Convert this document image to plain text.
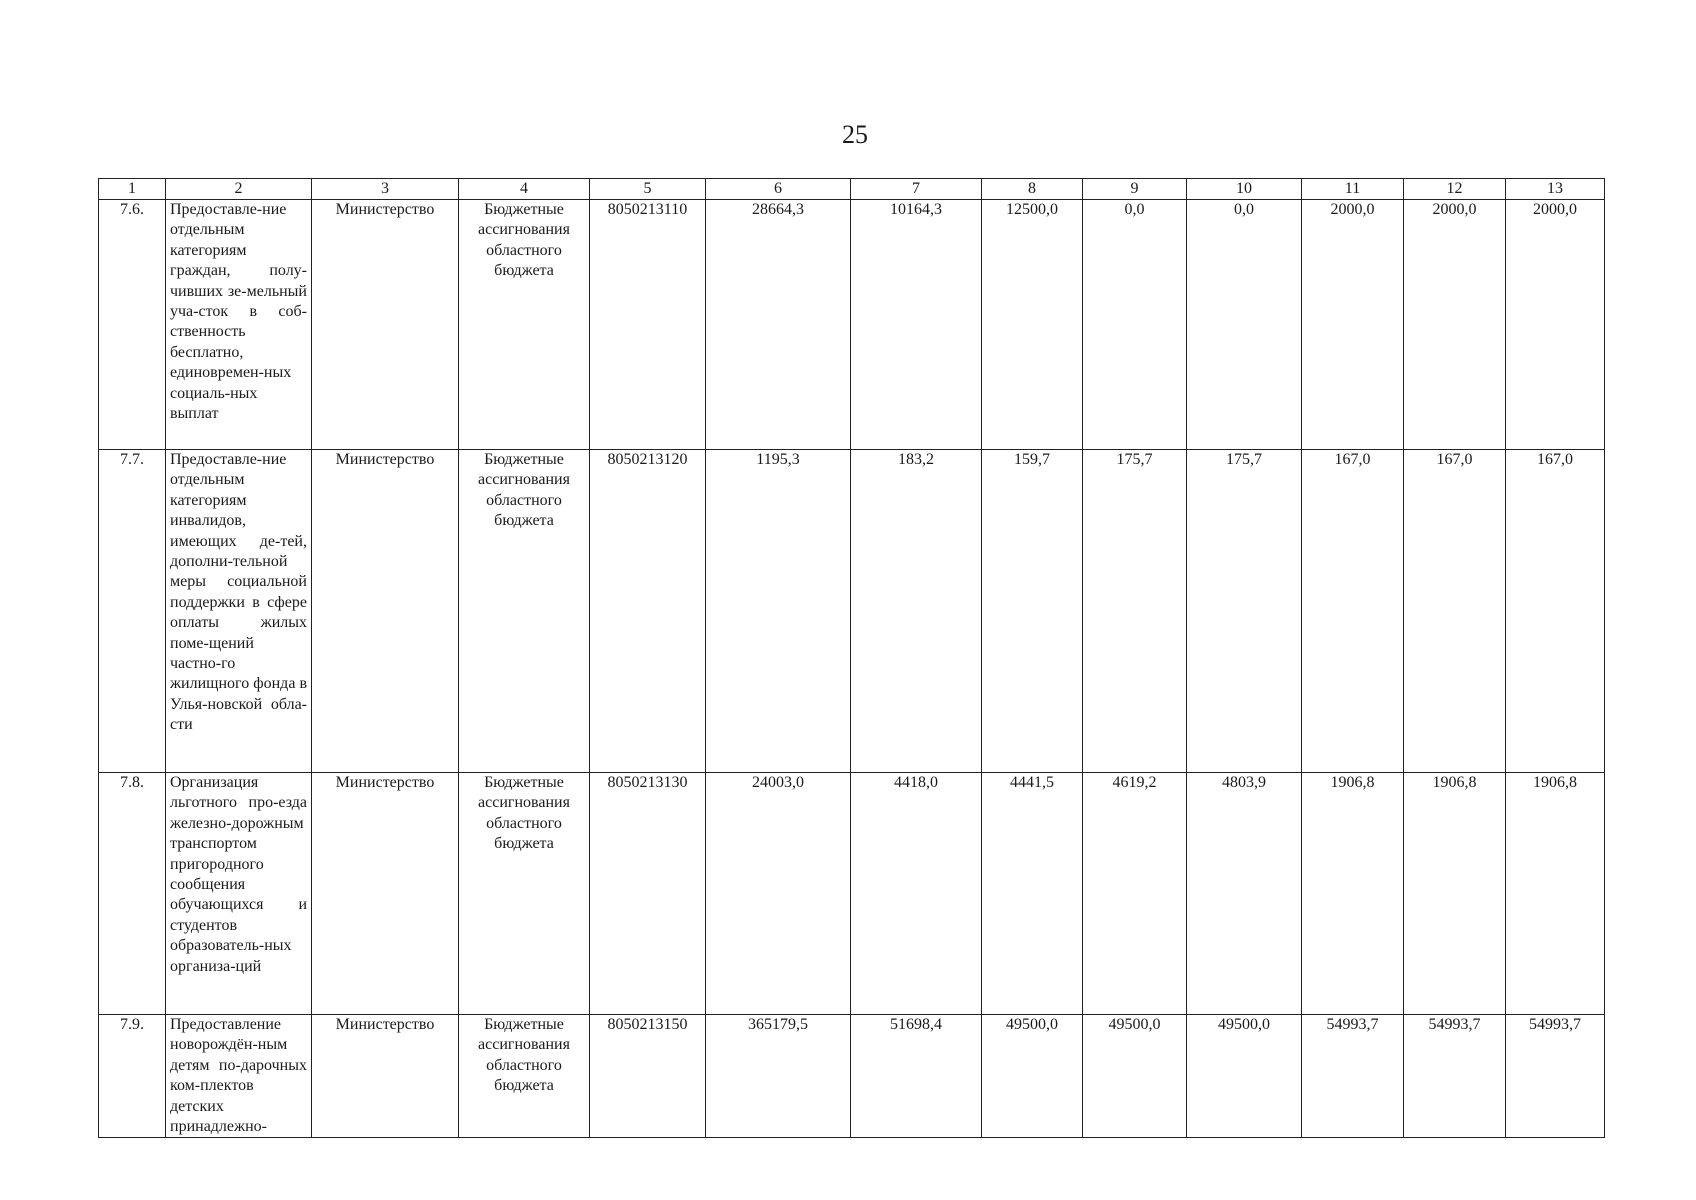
25
1	2	3	4	5	6	7	8	9	10	11	12	13
7.6.	Предоставле-ние отдельным категориям граждан, полу-чивших зе-мельный уча-сток в соб-ственность бесплатно, единовремен-ных социаль-ных выплат	Министерство	Бюджетные ассигнования областного бюджета	8050213110	28664,3	10164,3	12500,0	0,0	0,0	2000,0	2000,0	2000,0
7.7.	Предоставле-ние отдельным категориям инвалидов, имеющих де-тей, дополни-тельной меры социальной поддержки в сфере оплаты жилых поме-щений частно-го жилищного фонда в Улья-новской обла-сти	Министерство	Бюджетные ассигнования областного бюджета	8050213120	1195,3	183,2	159,7	175,7	175,7	167,0	167,0	167,0
7.8.	Организация льготного про-езда железно-дорожным транспортом пригородного сообщения обучающихся и студентов образователь-ных организа-ций	Министерство	Бюджетные ассигнования областного бюджета	8050213130	24003,0	4418,0	4441,5	4619,2	4803,9	1906,8	1906,8	1906,8
7.9.	Предоставление новорождён-ным детям по-дарочных ком-плектов детских принадлежно-	Министерство	Бюджетные ассигнования областного бюджета	8050213150	365179,5	51698,4	49500,0	49500,0	49500,0	54993,7	54993,7	54993,7
